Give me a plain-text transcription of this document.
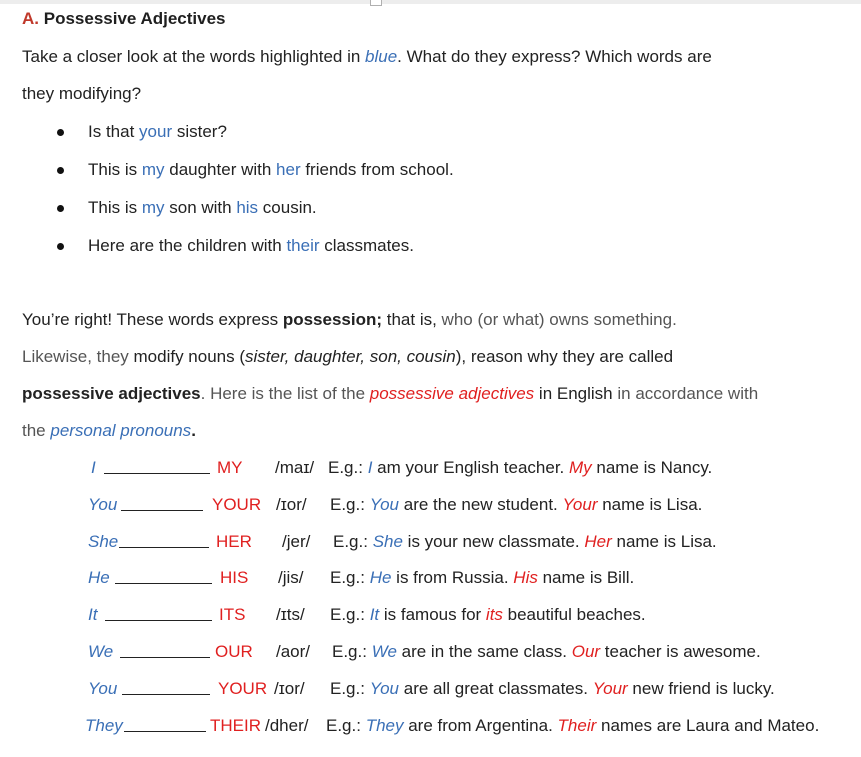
A. Possessive Adjectives
Take a closer look at the words highlighted in blue. What do they express? Which words are
they modifying?
Is that your sister?
This is my daughter with her friends from school.
This is my son with his cousin.
Here are the children with their classmates.
You’re right! These words express possession; that is, who (or what) owns something.
Likewise, they modify nouns (sister, daughter, son, cousin), reason why they are called
possessive adjectives. Here is the list of the possessive adjectives in English in accordance with
the personal pronouns.
I	MY /maɪ/ E.g.: I am your English teacher. My name is Nancy.
You	YOUR /ɪor/ E.g.: You are the new student. Your name is Lisa.
She	HER /jer/ E.g.: She is your new classmate. Her name is Lisa.
He	HIS /jis/ E.g.: He is from Russia. His name is Bill.
It	ITS /ɪts/ E.g.: It is famous for its beautiful beaches.
We	OUR /aor/ E.g.: We are in the same class. Our teacher is awesome.
You	YOUR /ɪor/ E.g.: You are all great classmates. Your new friend is lucky.
They	THEIR /dher/ E.g.: They are from Argentina. Their names are Laura and Mateo.
